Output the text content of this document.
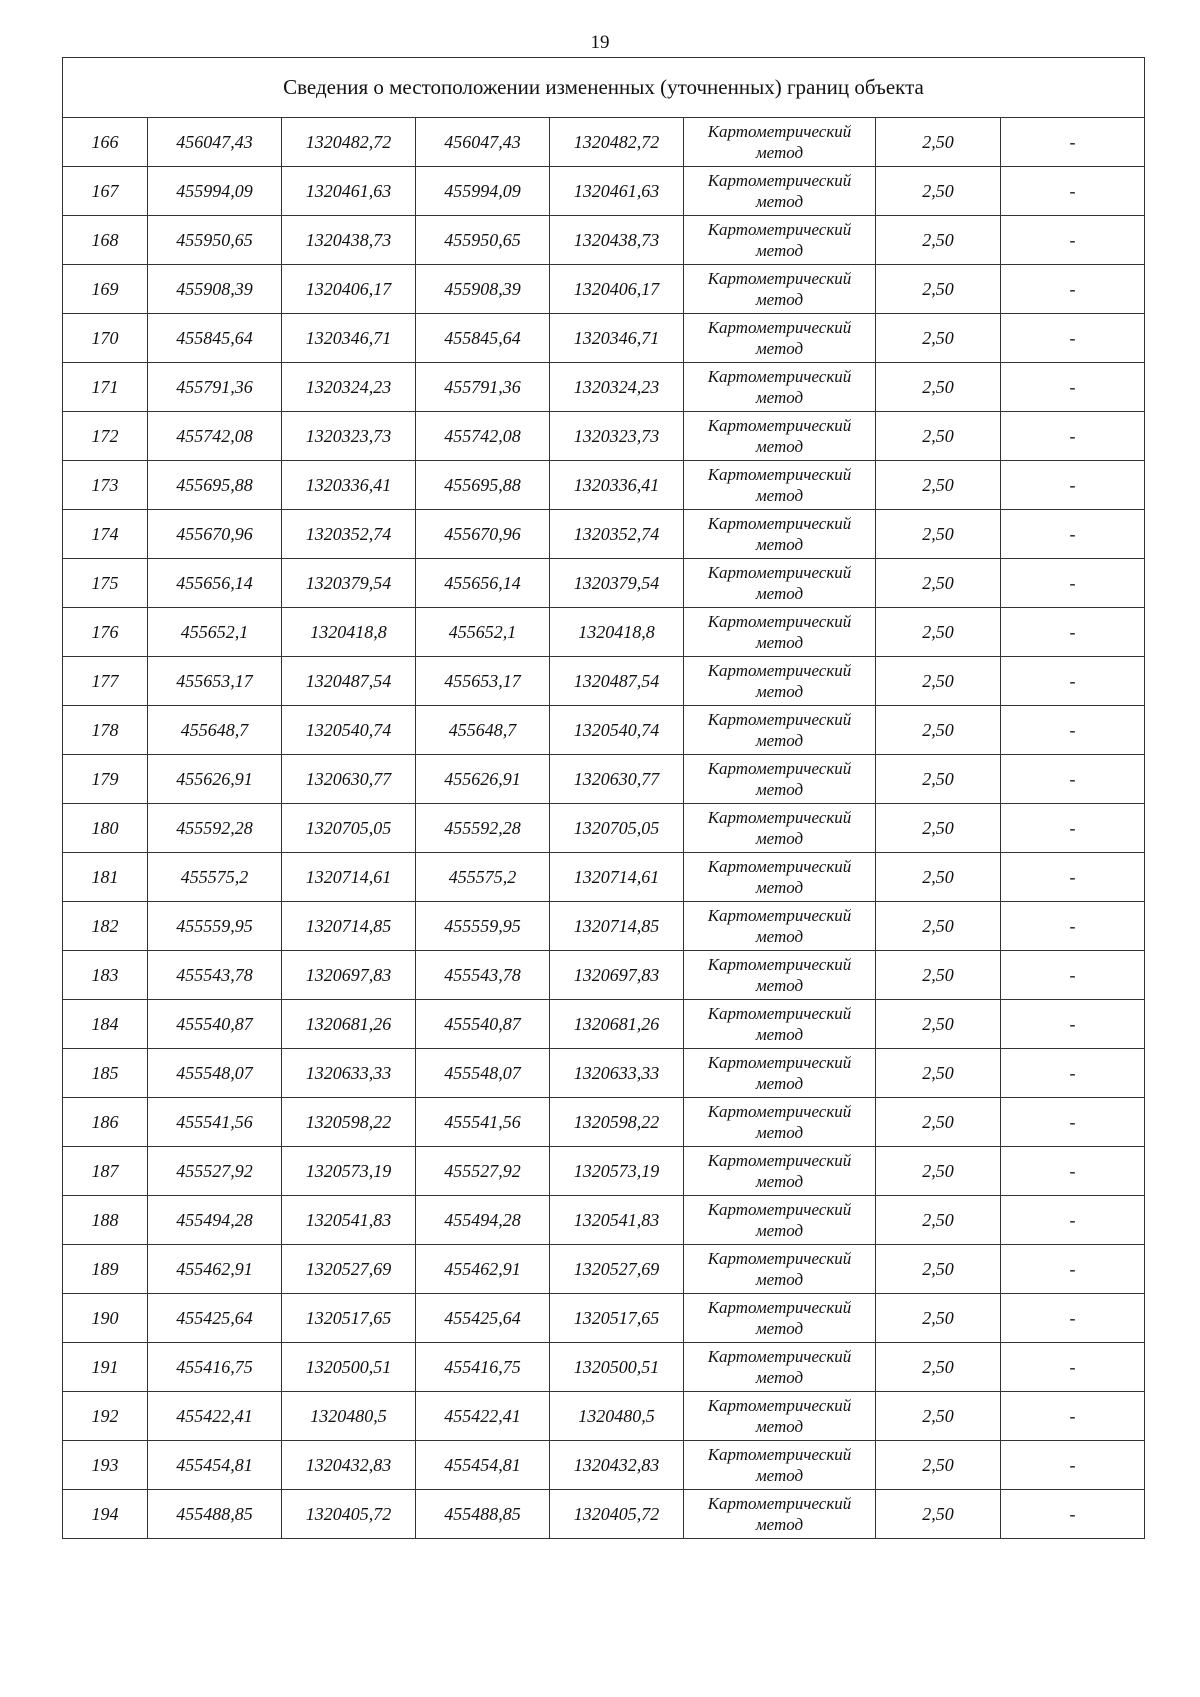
19
Сведения о местоположении измененных (уточненных) границ объекта							
166	456047,43	1320482,72	456047,43	1320482,72	Картометрический метод	2,50	-
167	455994,09	1320461,63	455994,09	1320461,63	Картометрический метод	2,50	-
168	455950,65	1320438,73	455950,65	1320438,73	Картометрический метод	2,50	-
169	455908,39	1320406,17	455908,39	1320406,17	Картометрический метод	2,50	-
170	455845,64	1320346,71	455845,64	1320346,71	Картометрический метод	2,50	-
171	455791,36	1320324,23	455791,36	1320324,23	Картометрический метод	2,50	-
172	455742,08	1320323,73	455742,08	1320323,73	Картометрический метод	2,50	-
173	455695,88	1320336,41	455695,88	1320336,41	Картометрический метод	2,50	-
174	455670,96	1320352,74	455670,96	1320352,74	Картометрический метод	2,50	-
175	455656,14	1320379,54	455656,14	1320379,54	Картометрический метод	2,50	-
176	455652,1	1320418,8	455652,1	1320418,8	Картометрический метод	2,50	-
177	455653,17	1320487,54	455653,17	1320487,54	Картометрический метод	2,50	-
178	455648,7	1320540,74	455648,7	1320540,74	Картометрический метод	2,50	-
179	455626,91	1320630,77	455626,91	1320630,77	Картометрический метод	2,50	-
180	455592,28	1320705,05	455592,28	1320705,05	Картометрический метод	2,50	-
181	455575,2	1320714,61	455575,2	1320714,61	Картометрический метод	2,50	-
182	455559,95	1320714,85	455559,95	1320714,85	Картометрический метод	2,50	-
183	455543,78	1320697,83	455543,78	1320697,83	Картометрический метод	2,50	-
184	455540,87	1320681,26	455540,87	1320681,26	Картометрический метод	2,50	-
185	455548,07	1320633,33	455548,07	1320633,33	Картометрический метод	2,50	-
186	455541,56	1320598,22	455541,56	1320598,22	Картометрический метод	2,50	-
187	455527,92	1320573,19	455527,92	1320573,19	Картометрический метод	2,50	-
188	455494,28	1320541,83	455494,28	1320541,83	Картометрический метод	2,50	-
189	455462,91	1320527,69	455462,91	1320527,69	Картометрический метод	2,50	-
190	455425,64	1320517,65	455425,64	1320517,65	Картометрический метод	2,50	-
191	455416,75	1320500,51	455416,75	1320500,51	Картометрический метод	2,50	-
192	455422,41	1320480,5	455422,41	1320480,5	Картометрический метод	2,50	-
193	455454,81	1320432,83	455454,81	1320432,83	Картометрический метод	2,50	-
194	455488,85	1320405,72	455488,85	1320405,72	Картометрический метод	2,50	-
